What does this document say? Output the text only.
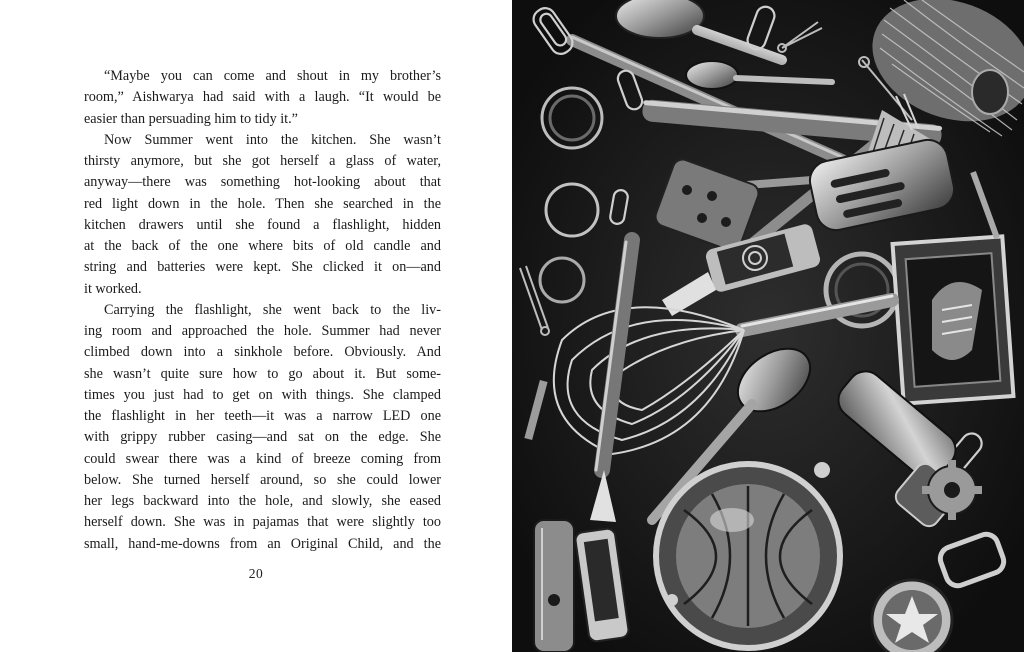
“Maybe you can come and shout in my brother’s
room,” Aishwarya had said with a laugh. “It would be
easier than persuading him to tidy it.”
Now Summer went into the kitchen. She wasn’t
thirsty anymore, but she got herself a glass of water,
anyway—there was something hot-looking about that
red light down in the hole. Then she searched in the
kitchen drawers until she found a flashlight, hidden
at the back of the one where bits of old candle and
string and batteries were kept. She clicked it on—and
it worked.
Carrying the flashlight, she went back to the liv-
ing room and approached the hole. Summer had never
climbed down into a sinkhole before. Obviously. And
she wasn’t quite sure how to go about it. But some-
times you just had to get on with things. She clamped
the flashlight in her teeth—it was a narrow LED one
with grippy rubber casing—and sat on the edge. She
could swear there was a kind of breeze coming from
below. She turned herself around, so she could lower
her legs backward into the hole, and slowly, she eased
herself down. She was in pajamas that were slightly too
small, hand-me-downs from an Original Child, and the
20
